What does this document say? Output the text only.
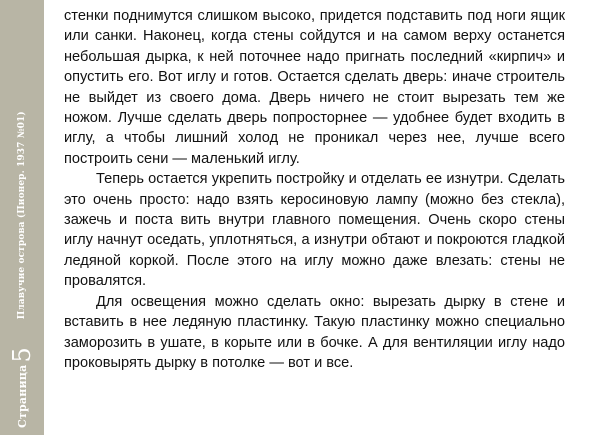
Страница
5
Плавучие острова (Пионер. 1937 №01)

стенки поднимутся слишком высоко, придется подставить под ноги ящик или санки. Наконец, когда стены сойдутся и на самом верху останется небольшая дырка, к ней поточнее надо пригнать последний «кирпич» и опустить его. Вот иглу и готов. Остается сделать дверь: иначе строитель не выйдет из своего дома. Дверь ничего не стоит вырезать тем же ножом. Лучше сделать дверь попросторнее — удобнее будет входить в иглу, а чтобы лишний холод не проникал через нее, лучше всего построить сени — маленький иглу.

Теперь остается укрепить постройку и отделать ее изнутри. Сделать это очень просто: надо взять керосиновую лампу (можно без стекла), зажечь и поста вить внутри главного помещения. Очень скоро стены иглу начнут оседать, уплотняться, а изнутри обтают и покроются гладкой ледяной коркой. После этого на иглу можно даже влезать: стены не провалятся.

Для освещения можно сделать окно: вырезать дырку в стене и вставить в нее ледяную пластинку. Такую пластинку можно специально заморозить в ушате, в корыте или в бочке. А для вентиляции иглу надо проковырять дырку в потолке — вот и все.
